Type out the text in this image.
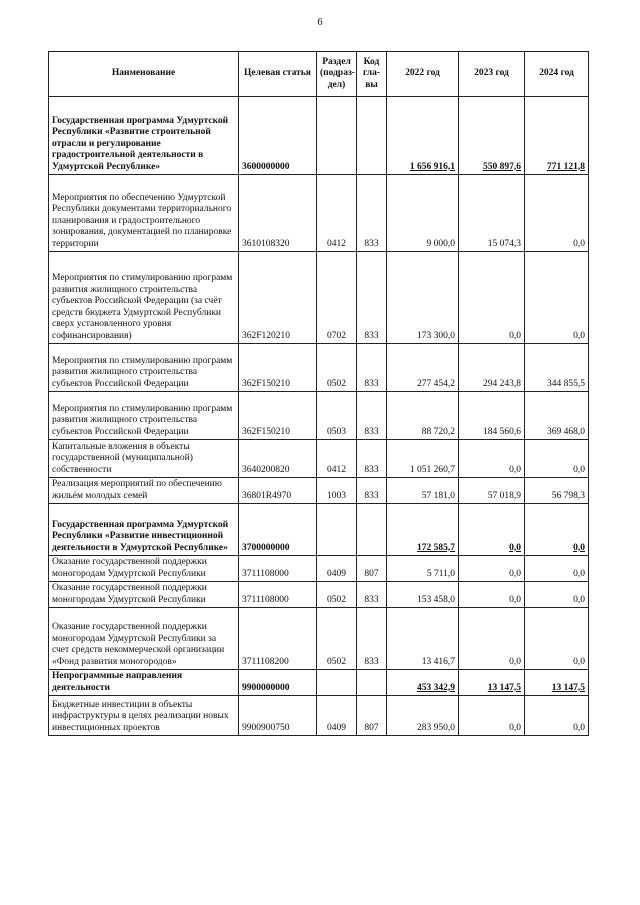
6
Наименование	Целевая статья	Раздел (подраз-дел)	Код гла-вы	2022 год	2023 год	2024 год
Государственная программа Удмуртской Республики «Развитие строительной отрасли и регулирование градостроительной деятельности в Удмуртской Республике»	3600000000			1 656 916,1	550 897,6	771 121,8
Мероприятия по обеспечению Удмуртской Республики документами территориального планирования и градостроительного зонирования, документацией по планировке территории	3610108320	0412	833	9 000,0	15 074,3	0,0
Мероприятия по стимулированию программ развития жилищного строительства субъектов Российской Федерации (за счёт средств бюджета Удмуртской Республики сверх установленного уровня софинансирования)	362F120210	0702	833	173 300,0	0,0	0,0
Мероприятия по стимулированию программ развития жилищного строительства субъектов Российской Федерации	362F150210	0502	833	277 454,2	294 243,8	344 855,5
Мероприятия по стимулированию программ развития жилищного строительства субъектов Российской Федерации	362F150210	0503	833	88 720,2	184 560,6	369 468,0
Капитальные вложения в объекты государственной (муниципальной) собственности	3640200820	0412	833	1 051 260,7	0,0	0,0
Реализация мероприятий по обеспечению жильём молодых семей	36801R4970	1003	833	57 181,0	57 018,9	56 798,3
Государственная программа Удмуртской Республики «Развитие инвестиционной деятельности в Удмуртской Республике»	3700000000			172 585,7	0,0	0,0
Оказание государственной поддержки моногородам Удмуртской Республики	3711108000	0409	807	5 711,0	0,0	0,0
Оказание государственной поддержки моногородам Удмуртской Республики	3711108000	0502	833	153 458,0	0,0	0,0
Оказание государственной поддержки моногородам Удмуртской Республики за счет средств некоммерческой организации «Фонд развития моногородов»	3711108200	0502	833	13 416,7	0,0	0,0
Непрограммные направления деятельности	9900000000			453 342,9	13 147,5	13 147,5
Бюджетные инвестиции в объекты инфраструктуры в целях реализации новых инвестиционных проектов	9900900750	0409	807	283 950,0	0,0	0,0
